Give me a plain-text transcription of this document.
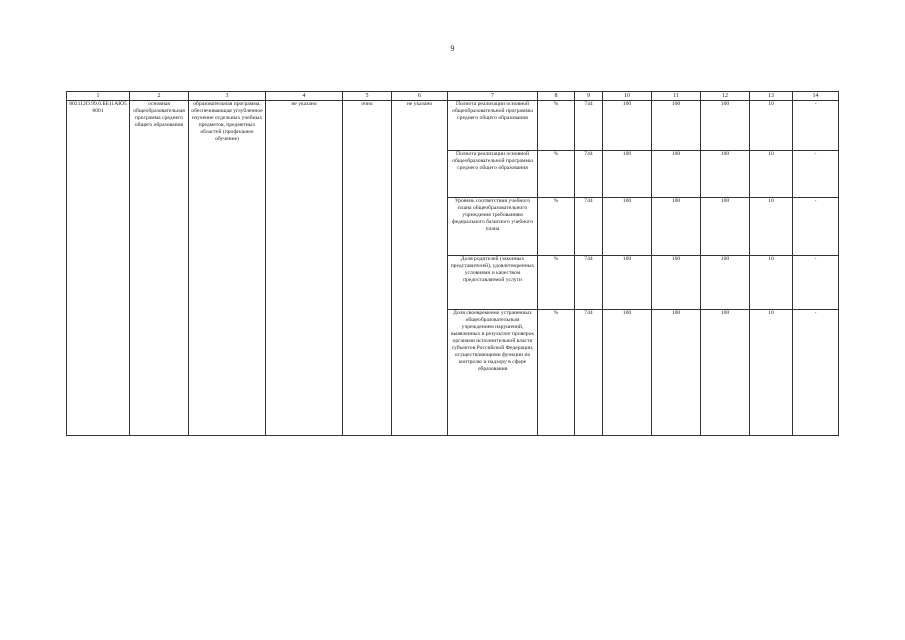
9
1	2	3	4	5	6	7	8	9	10	11	12	13	14
802112О.99.0.ББ11АЮ58001	основная общеобразовательная программа среднего общего образования	образовательная программа, обеспечивающая углубленное изучение отдельных учебных предметов, предметных областей (профильное обучение)	не указано	очно	не указано	Полнота реализации основной общеобразовательной программы среднего общего образования	%	744	100	100	100	10	-
						Полнота реализации основной общеобразовательной программы среднего общего образования	%	744	100	100	100	10	-
						Уровень соответствия учебного плана общеобразовательного учреждения требованиям федерального базисного учебного плана	%	744	100	100	100	10	-
						Доля родителей (законных представителей), удовлетворенных условиями и качеством предоставляемой услуги	%	744	100	100	100	10	-
						Доля своевременно устраненных общеобразовательным учреждением нарушений, выявленных в результате проверок органами исполнительной власти субъектов Российской Федерации, осуществляющими функции по контролю и надзору в сфере образования	%	744	100	100	100	10	-
